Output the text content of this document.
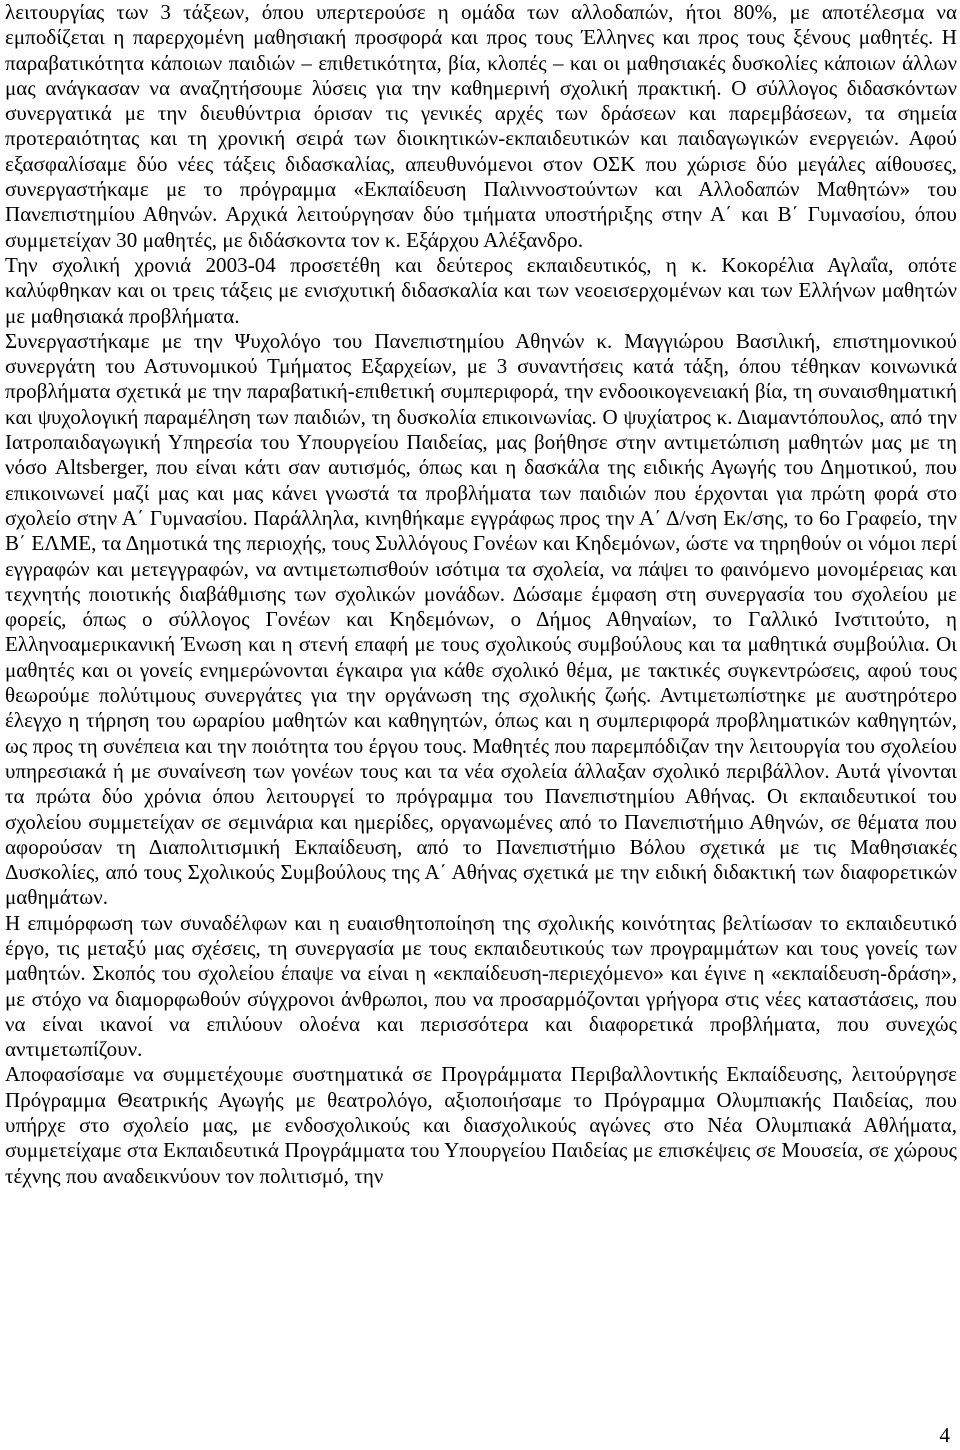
λειτουργίας των 3 τάξεων, όπου υπερτερούσε η ομάδα των αλλοδαπών, ήτοι 80%, με αποτέλεσμα να εμποδίζεται η παρερχομένη μαθησιακή προσφορά και προς τους Έλληνες και προς τους ξένους μαθητές. Η παραβατικότητα κάποιων παιδιών – επιθετικότητα, βία, κλοπές – και οι μαθησιακές δυσκολίες κάποιων άλλων μας ανάγκασαν να αναζητήσουμε λύσεις για την καθημερινή σχολική πρακτική. Ο σύλλογος διδασκόντων συνεργατικά με την διευθύντρια όρισαν τις γενικές αρχές των δράσεων και παρεμβάσεων, τα σημεία προτεραιότητας και τη χρονική σειρά των διοικητικών-εκπαιδευτικών και παιδαγωγικών ενεργειών. Αφού εξασφαλίσαμε δύο νέες τάξεις διδασκαλίας, απευθυνόμενοι στον ΟΣΚ που χώρισε δύο μεγάλες αίθουσες, συνεργαστήκαμε με το πρόγραμμα «Εκπαίδευση Παλιννοστούντων και Αλλοδαπών Μαθητών» του Πανεπιστημίου Αθηνών. Αρχικά λειτούργησαν δύο τμήματα υποστήριξης στην Α΄ και Β΄ Γυμνασίου, όπου συμμετείχαν 30 μαθητές, με διδάσκοντα τον κ. Εξάρχου Αλέξανδρο.

Την σχολική χρονιά 2003-04 προσετέθη και δεύτερος εκπαιδευτικός, η κ. Κοκορέλια Αγλαΐα, οπότε καλύφθηκαν και οι τρεις τάξεις με ενισχυτική διδασκαλία και των νεοεισερχομένων και των Ελλήνων μαθητών με μαθησιακά προβλήματα.

Συνεργαστήκαμε με την Ψυχολόγο του Πανεπιστημίου Αθηνών κ. Μαγγιώρου Βασιλική, επιστημονικού συνεργάτη του Αστυνομικού Τμήματος Εξαρχείων, με 3 συναντήσεις κατά τάξη, όπου τέθηκαν κοινωνικά προβλήματα σχετικά με την παραβατική-επιθετική συμπεριφορά, την ενδοοικογενειακή βία, τη συναισθηματική και ψυχολογική παραμέληση των παιδιών, τη δυσκολία επικοινωνίας. Ο ψυχίατρος κ. Διαμαντόπουλος, από την Ιατροπαιδαγωγική Υπηρεσία του Υπουργείου Παιδείας, μας βοήθησε στην αντιμετώπιση μαθητών μας με τη νόσο Altsberger, που είναι κάτι σαν αυτισμός, όπως και η δασκάλα της ειδικής Αγωγής του Δημοτικού, που επικοινωνεί μαζί μας και μας κάνει γνωστά τα προβλήματα των παιδιών που έρχονται για πρώτη φορά στο σχολείο στην Α΄ Γυμνασίου. Παράλληλα, κινηθήκαμε εγγράφως προς την Α΄ Δ/νση Εκ/σης, το 6ο Γραφείο, την Β΄ ΕΛΜΕ, τα Δημοτικά της περιοχής, τους Συλλόγους Γονέων και Κηδεμόνων, ώστε να τηρηθούν οι νόμοι περί εγγραφών και μετεγγραφών, να αντιμετωπισθούν ισότιμα τα σχολεία, να πάψει το φαινόμενο μονομέρειας και τεχνητής ποιοτικής διαβάθμισης των σχολικών μονάδων. Δώσαμε έμφαση στη συνεργασία του σχολείου με φορείς, όπως ο σύλλογος Γονέων και Κηδεμόνων, ο Δήμος Αθηναίων, το Γαλλικό Ινστιτούτο, η Ελληνοαμερικανική Ένωση και η στενή επαφή με τους σχολικούς συμβούλους και τα μαθητικά συμβούλια. Οι μαθητές και οι γονείς ενημερώνονται έγκαιρα για κάθε σχολικό θέμα, με τακτικές συγκεντρώσεις, αφού τους θεωρούμε πολύτιμους συνεργάτες για την οργάνωση της σχολικής ζωής. Αντιμετωπίστηκε με αυστηρότερο έλεγχο η τήρηση του ωραρίου μαθητών και καθηγητών, όπως και η συμπεριφορά προβληματικών καθηγητών, ως προς τη συνέπεια και την ποιότητα του έργου τους. Μαθητές που παρεμπόδιζαν την λειτουργία του σχολείου υπηρεσιακά ή με συναίνεση των γονέων τους και τα νέα σχολεία άλλαξαν σχολικό περιβάλλον. Αυτά γίνονται τα πρώτα δύο χρόνια όπου λειτουργεί το πρόγραμμα του Πανεπιστημίου Αθήνας. Οι εκπαιδευτικοί του σχολείου συμμετείχαν σε σεμινάρια και ημερίδες, οργανωμένες από το Πανεπιστήμιο Αθηνών, σε θέματα που αφορούσαν τη Διαπολιτισμική Εκπαίδευση, από το Πανεπιστήμιο Βόλου σχετικά με τις Μαθησιακές Δυσκολίες, από τους Σχολικούς Συμβούλους της Α΄ Αθήνας σχετικά με την ειδική διδακτική των διαφορετικών μαθημάτων.

Η επιμόρφωση των συναδέλφων και η ευαισθητοποίηση της σχολικής κοινότητας βελτίωσαν το εκπαιδευτικό έργο, τις μεταξύ μας σχέσεις, τη συνεργασία με τους εκπαιδευτικούς των προγραμμάτων και τους γονείς των μαθητών. Σκοπός του σχολείου έπαψε να είναι η «εκπαίδευση-περιεχόμενο» και έγινε η «εκπαίδευση-δράση», με στόχο να διαμορφωθούν σύγχρονοι άνθρωποι, που να προσαρμόζονται γρήγορα στις νέες καταστάσεις, που να είναι ικανοί να επιλύουν ολοένα και περισσότερα και διαφορετικά προβλήματα, που συνεχώς αντιμετωπίζουν.

Αποφασίσαμε να συμμετέχουμε συστηματικά σε Προγράμματα Περιβαλλοντικής Εκπαίδευσης, λειτούργησε Πρόγραμμα Θεατρικής Αγωγής με θεατρολόγο, αξιοποιήσαμε το Πρόγραμμα Ολυμπιακής Παιδείας, που υπήρχε στο σχολείο μας, με ενδοσχολικούς και διασχολικούς αγώνες στο Νέα Ολυμπιακά Αθλήματα, συμμετείχαμε στα Εκπαιδευτικά Προγράμματα του Υπουργείου Παιδείας με επισκέψεις σε Μουσεία, σε χώρους τέχνης που αναδεικνύουν τον πολιτισμό, την

4
